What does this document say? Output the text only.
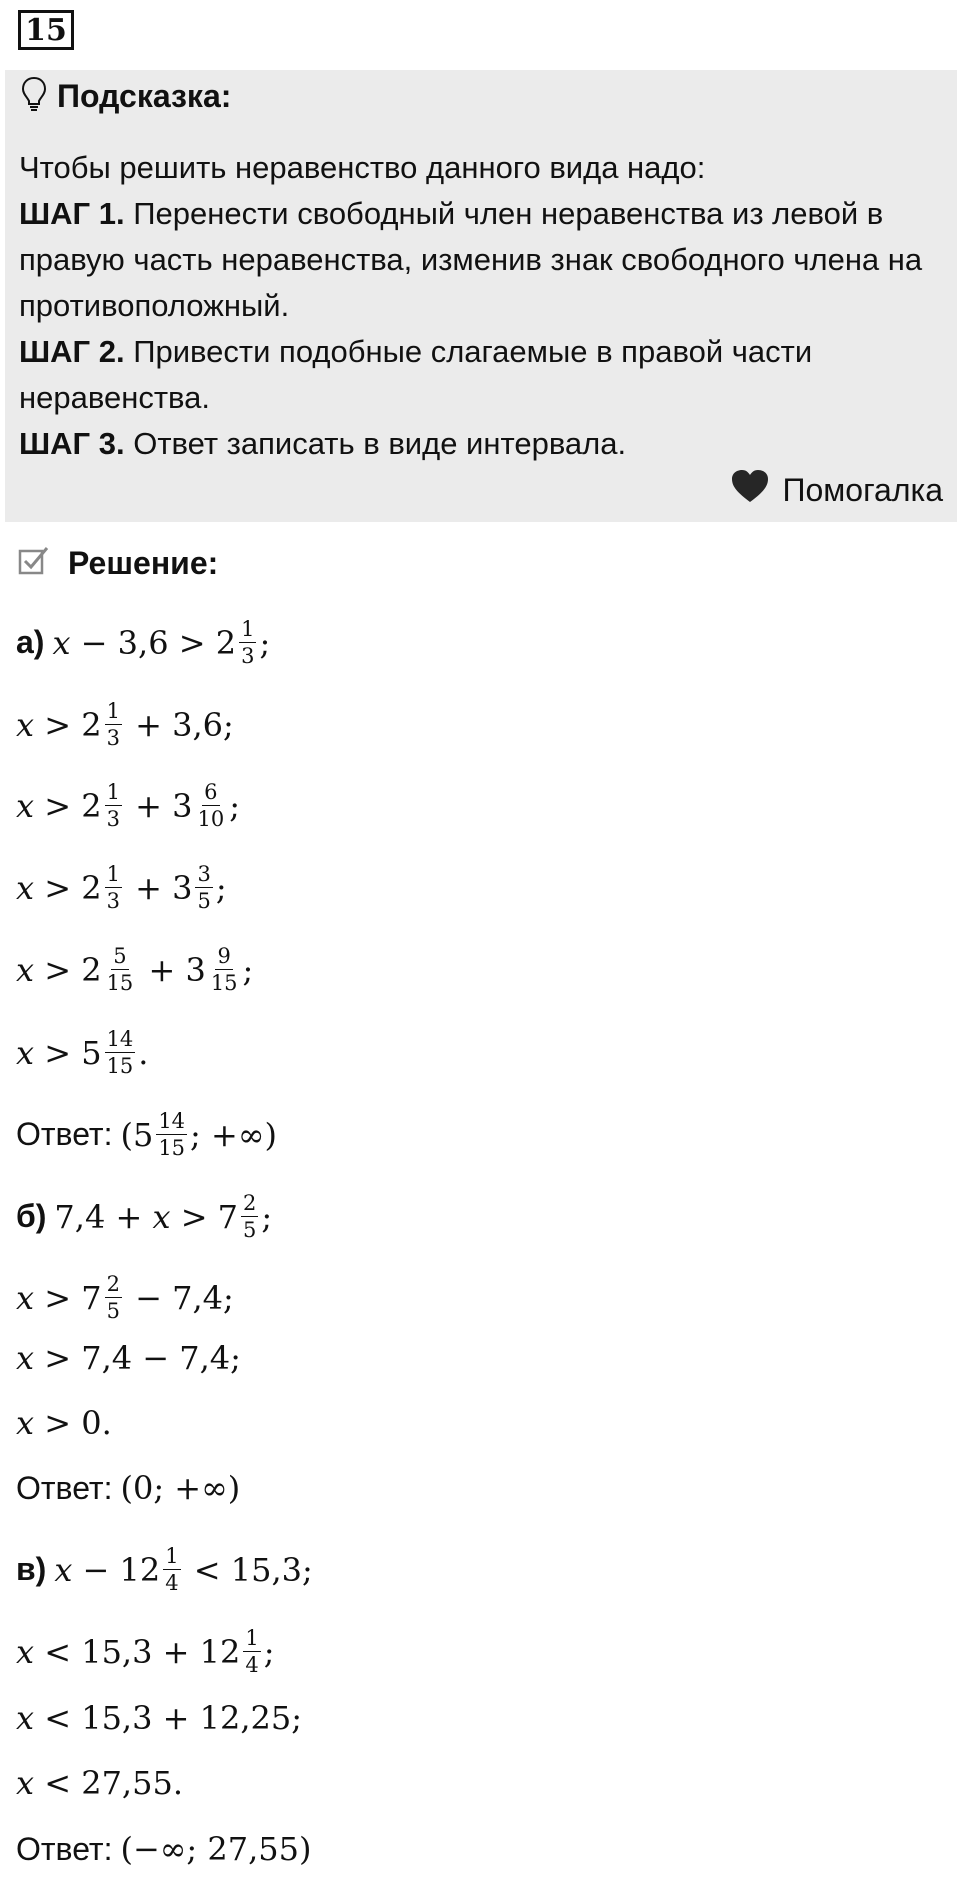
15
Подсказка:

Чтобы решить неравенство данного вида надо:

ШАГ 1. Перенести свободный член неравенства из левой в правую часть неравенства, изменив знак свободного члена на противоположный.

ШАГ 2. Привести подобные слагаемые в правой части неравенства.

ШАГ 3. Ответ записать в виде интервала.

Помогалка
Решение:
а) $x - 3,6 > 2 \frac{1}{3}$ ;
$x > 2 \frac{1}{3} + 3,6$;
$x > 2 \frac{1}{3} + 3 \frac{6}{10}$ ;
$x > 2 \frac{1}{3} + 3 \frac{3}{5}$ ;
$x > 2 \frac{5}{15} + 3 \frac{9}{15}$ ;
$x > 5 \frac{14}{15}$ .
Ответ: ($5 \frac{14}{15}$ ; +∞)
б) $7,4 + x > 7 \frac{2}{5}$ ;
$x > 7 \frac{2}{5} - 7,4$;
x > 7,4 − 7,4;
x > 0.
Ответ: (0; +∞)
в) $x - 12 \frac{1}{4} < 15,3$;
$x < 15,3 + 12 \frac{1}{4}$ ;
x < 15,3 + 12,25;
x < 27,55.
Ответ: (−∞; 27,55)
